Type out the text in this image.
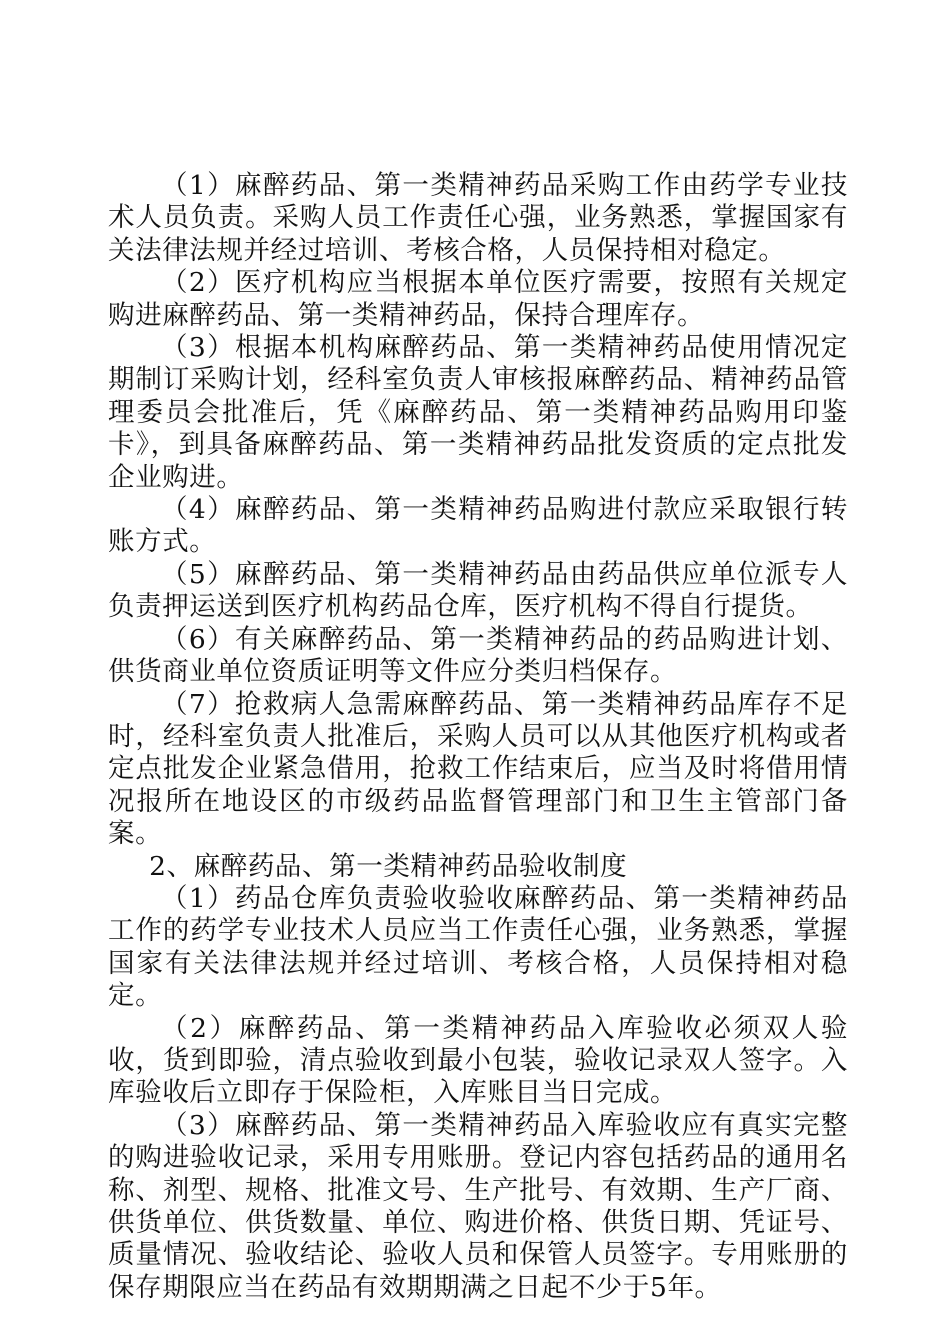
（1）麻醉药品、第一类精神药品采购工作由药学专业技术人员负责。采购人员工作责任心强，业务熟悉，掌握国家有关法律法规并经过培训、考核合格，人员保持相对稳定。

（2）医疗机构应当根据本单位医疗需要，按照有关规定购进麻醉药品、第一类精神药品，保持合理库存。

（3）根据本机构麻醉药品、第一类精神药品使用情况定期制订采购计划，经科室负责人审核报麻醉药品、精神药品管理委员会批准后，凭《麻醉药品、第一类精神药品购用印鉴卡》，到具备麻醉药品、第一类精神药品批发资质的定点批发企业购进。

（4）麻醉药品、第一类精神药品购进付款应采取银行转账方式。

（5）麻醉药品、第一类精神药品由药品供应单位派专人负责押运送到医疗机构药品仓库，医疗机构不得自行提货。

（6）有关麻醉药品、第一类精神药品的药品购进计划、供货商业单位资质证明等文件应分类归档保存。

（7）抢救病人急需麻醉药品、第一类精神药品库存不足时，经科室负责人批准后，采购人员可以从其他医疗机构或者定点批发企业紧急借用，抢救工作结束后，应当及时将借用情况报所在地设区的市级药品监督管理部门和卫生主管部门备案。

2、麻醉药品、第一类精神药品验收制度

（1）药品仓库负责验收验收麻醉药品、第一类精神药品工作的药学专业技术人员应当工作责任心强，业务熟悉，掌握国家有关法律法规并经过培训、考核合格，人员保持相对稳定。

（2）麻醉药品、第一类精神药品入库验收必须双人验收，货到即验，清点验收到最小包装，验收记录双人签字。入库验收后立即存于保险柜，入库账目当日完成。

（3）麻醉药品、第一类精神药品入库验收应有真实完整的购进验收记录，采用专用账册。登记内容包括药品的通用名称、剂型、规格、批准文号、生产批号、有效期、生产厂商、供货单位、供货数量、单位、购进价格、供货日期、凭证号、质量情况、验收结论、验收人员和保管人员签字。专用账册的保存期限应当在药品有效期期满之日起不少于5年。
